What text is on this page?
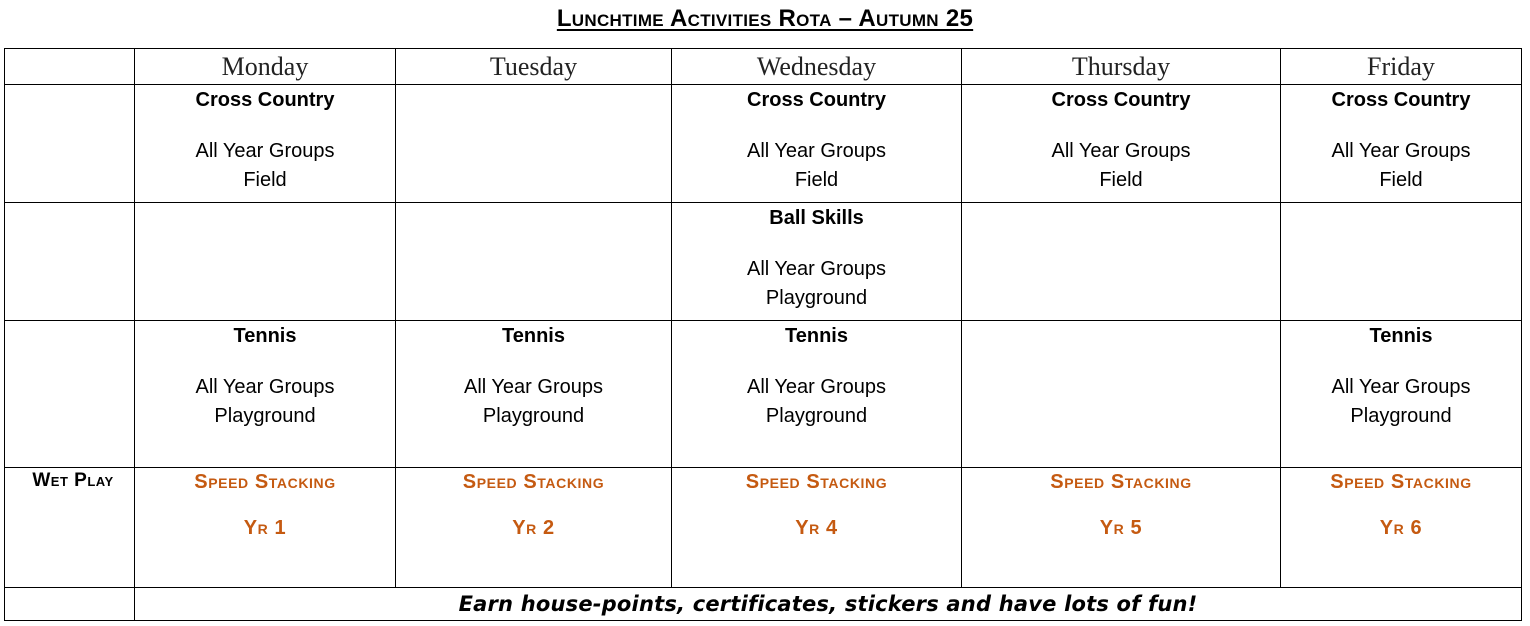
Lunchtime Activities Rota – Autumn 25
	Monday	Tuesday	Wednesday	Thursday	Friday

	Cross Country
All Year Groups
Field		Cross Country
All Year Groups
Field	Cross Country
All Year Groups
Field	Cross Country
All Year Groups
Field

			Ball Skills
All Year Groups
Playground		

	Tennis
All Year Groups
Playground	Tennis
All Year Groups
Playground	Tennis
All Year Groups
Playground		Tennis
All Year Groups
Playground

Wet Play	Speed Stacking
Yr 1	Speed Stacking
Yr 2	Speed Stacking
Yr 4	Speed Stacking
Yr 5	Speed Stacking
Yr 6

	Earn house-points, certificates, stickers and have lots of fun!				
